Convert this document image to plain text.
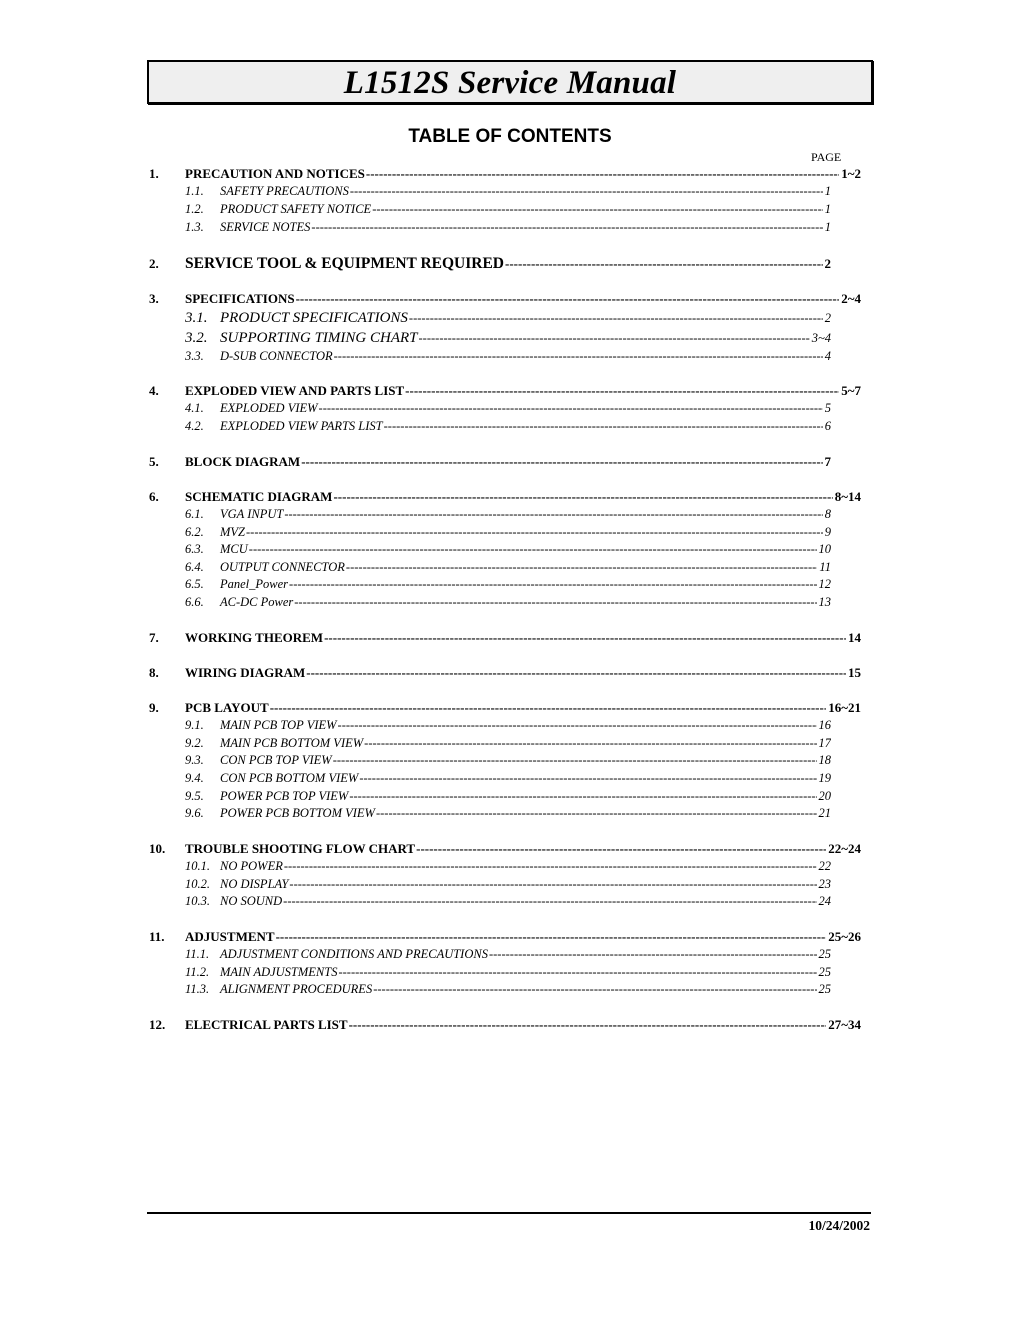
L1512S Service Manual
TABLE OF CONTENTS
PAGE
1. PRECAUTION AND NOTICES -----	1~2
1.1. SAFETY PRECAUTIONS -----	1
1.2. PRODUCT SAFETY NOTICE -----	1
1.3. SERVICE NOTES -----	1
2. SERVICE TOOL & EQUIPMENT REQUIRED -----	2
3. SPECIFICATIONS -----	2~4
3.1. PRODUCT SPECIFICATIONS -----	2
3.2. SUPPORTING TIMING CHART -----	3~4
3.3. D-SUB CONNECTOR -----	4
4. EXPLODED VIEW AND PARTS LIST -----	5~7
4.1. EXPLODED VIEW -----	5
4.2. EXPLODED VIEW PARTS LIST -----	6
5. BLOCK DIAGRAM -----	7
6. SCHEMATIC DIAGRAM -----	8~14
6.1. VGA INPUT -----	8
6.2. MVZ -----	9
6.3. MCU -----	10
6.4. OUTPUT CONNECTOR -----	11
6.5. Panel_Power -----	12
6.6. AC-DC Power -----	13
7. WORKING THEOREM -----	14
8. WIRING DIAGRAM -----	15
9. PCB LAYOUT -----	16~21
9.1. MAIN PCB TOP VIEW -----	16
9.2. MAIN PCB BOTTOM VIEW -----	17
9.3. CON PCB TOP VIEW -----	18
9.4. CON PCB BOTTOM VIEW -----	19
9.5. POWER PCB TOP VIEW -----	20
9.6. POWER PCB BOTTOM VIEW -----	21
10. TROUBLE SHOOTING FLOW CHART -----	22~24
10.1. NO POWER -----	22
10.2. NO DISPLAY -----	23
10.3. NO SOUND -----	24
11. ADJUSTMENT -----	25~26
11.1. ADJUSTMENT CONDITIONS AND PRECAUTIONS -----	25
11.2. MAIN ADJUSTMENTS -----	25
11.3. ALIGNMENT PROCEDURES -----	25
12. ELECTRICAL PARTS LIST -----	27~34
10/24/2002
